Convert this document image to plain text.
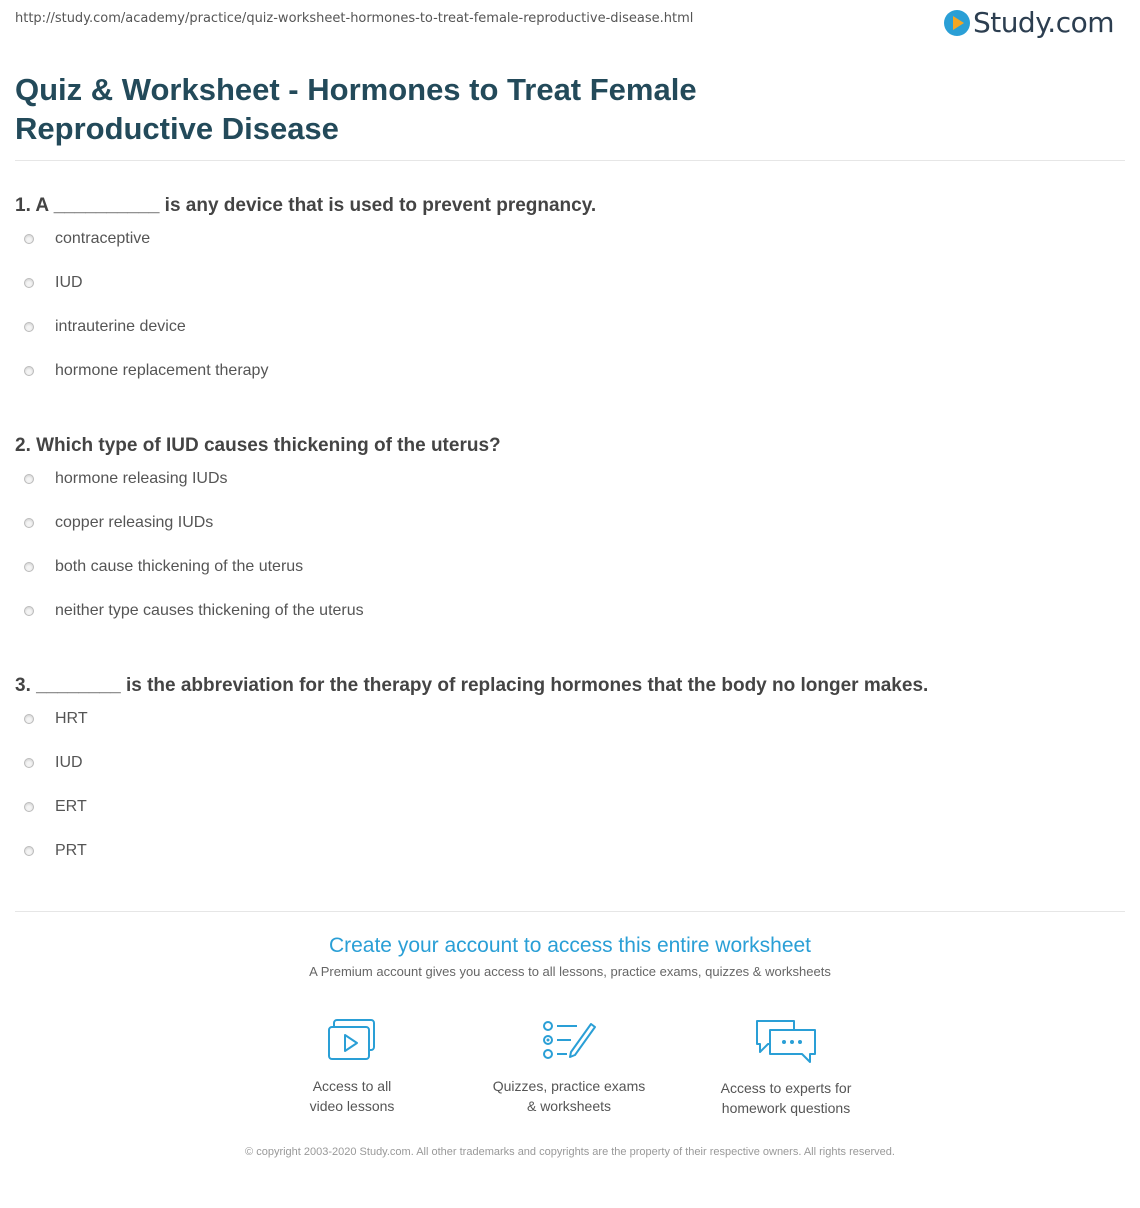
http://study.com/academy/practice/quiz-worksheet-hormones-to-treat-female-reproductive-disease.html	Study.com
Quiz & Worksheet - Hormones to Treat Female Reproductive Disease

1. A __________ is any device that is used to prevent pregnancy.

contraceptive
IUD
intrauterine device
hormone replacement therapy

2. Which type of IUD causes thickening of the uterus?

hormone releasing IUDs
copper releasing IUDs
both cause thickening of the uterus
neither type causes thickening of the uterus

3. ________ is the abbreviation for the therapy of replacing hormones that the body no longer makes.

HRT
IUD
ERT
PRT
Create your account to access this entire worksheet
A Premium account gives you access to all lessons, practice exams, quizzes & worksheets
Access to all
video lessons
Quizzes, practice exams
& worksheets
Access to experts for
homework questions
© copyright 2003-2020 Study.com. All other trademarks and copyrights are the property of their respective owners. All rights reserved.
